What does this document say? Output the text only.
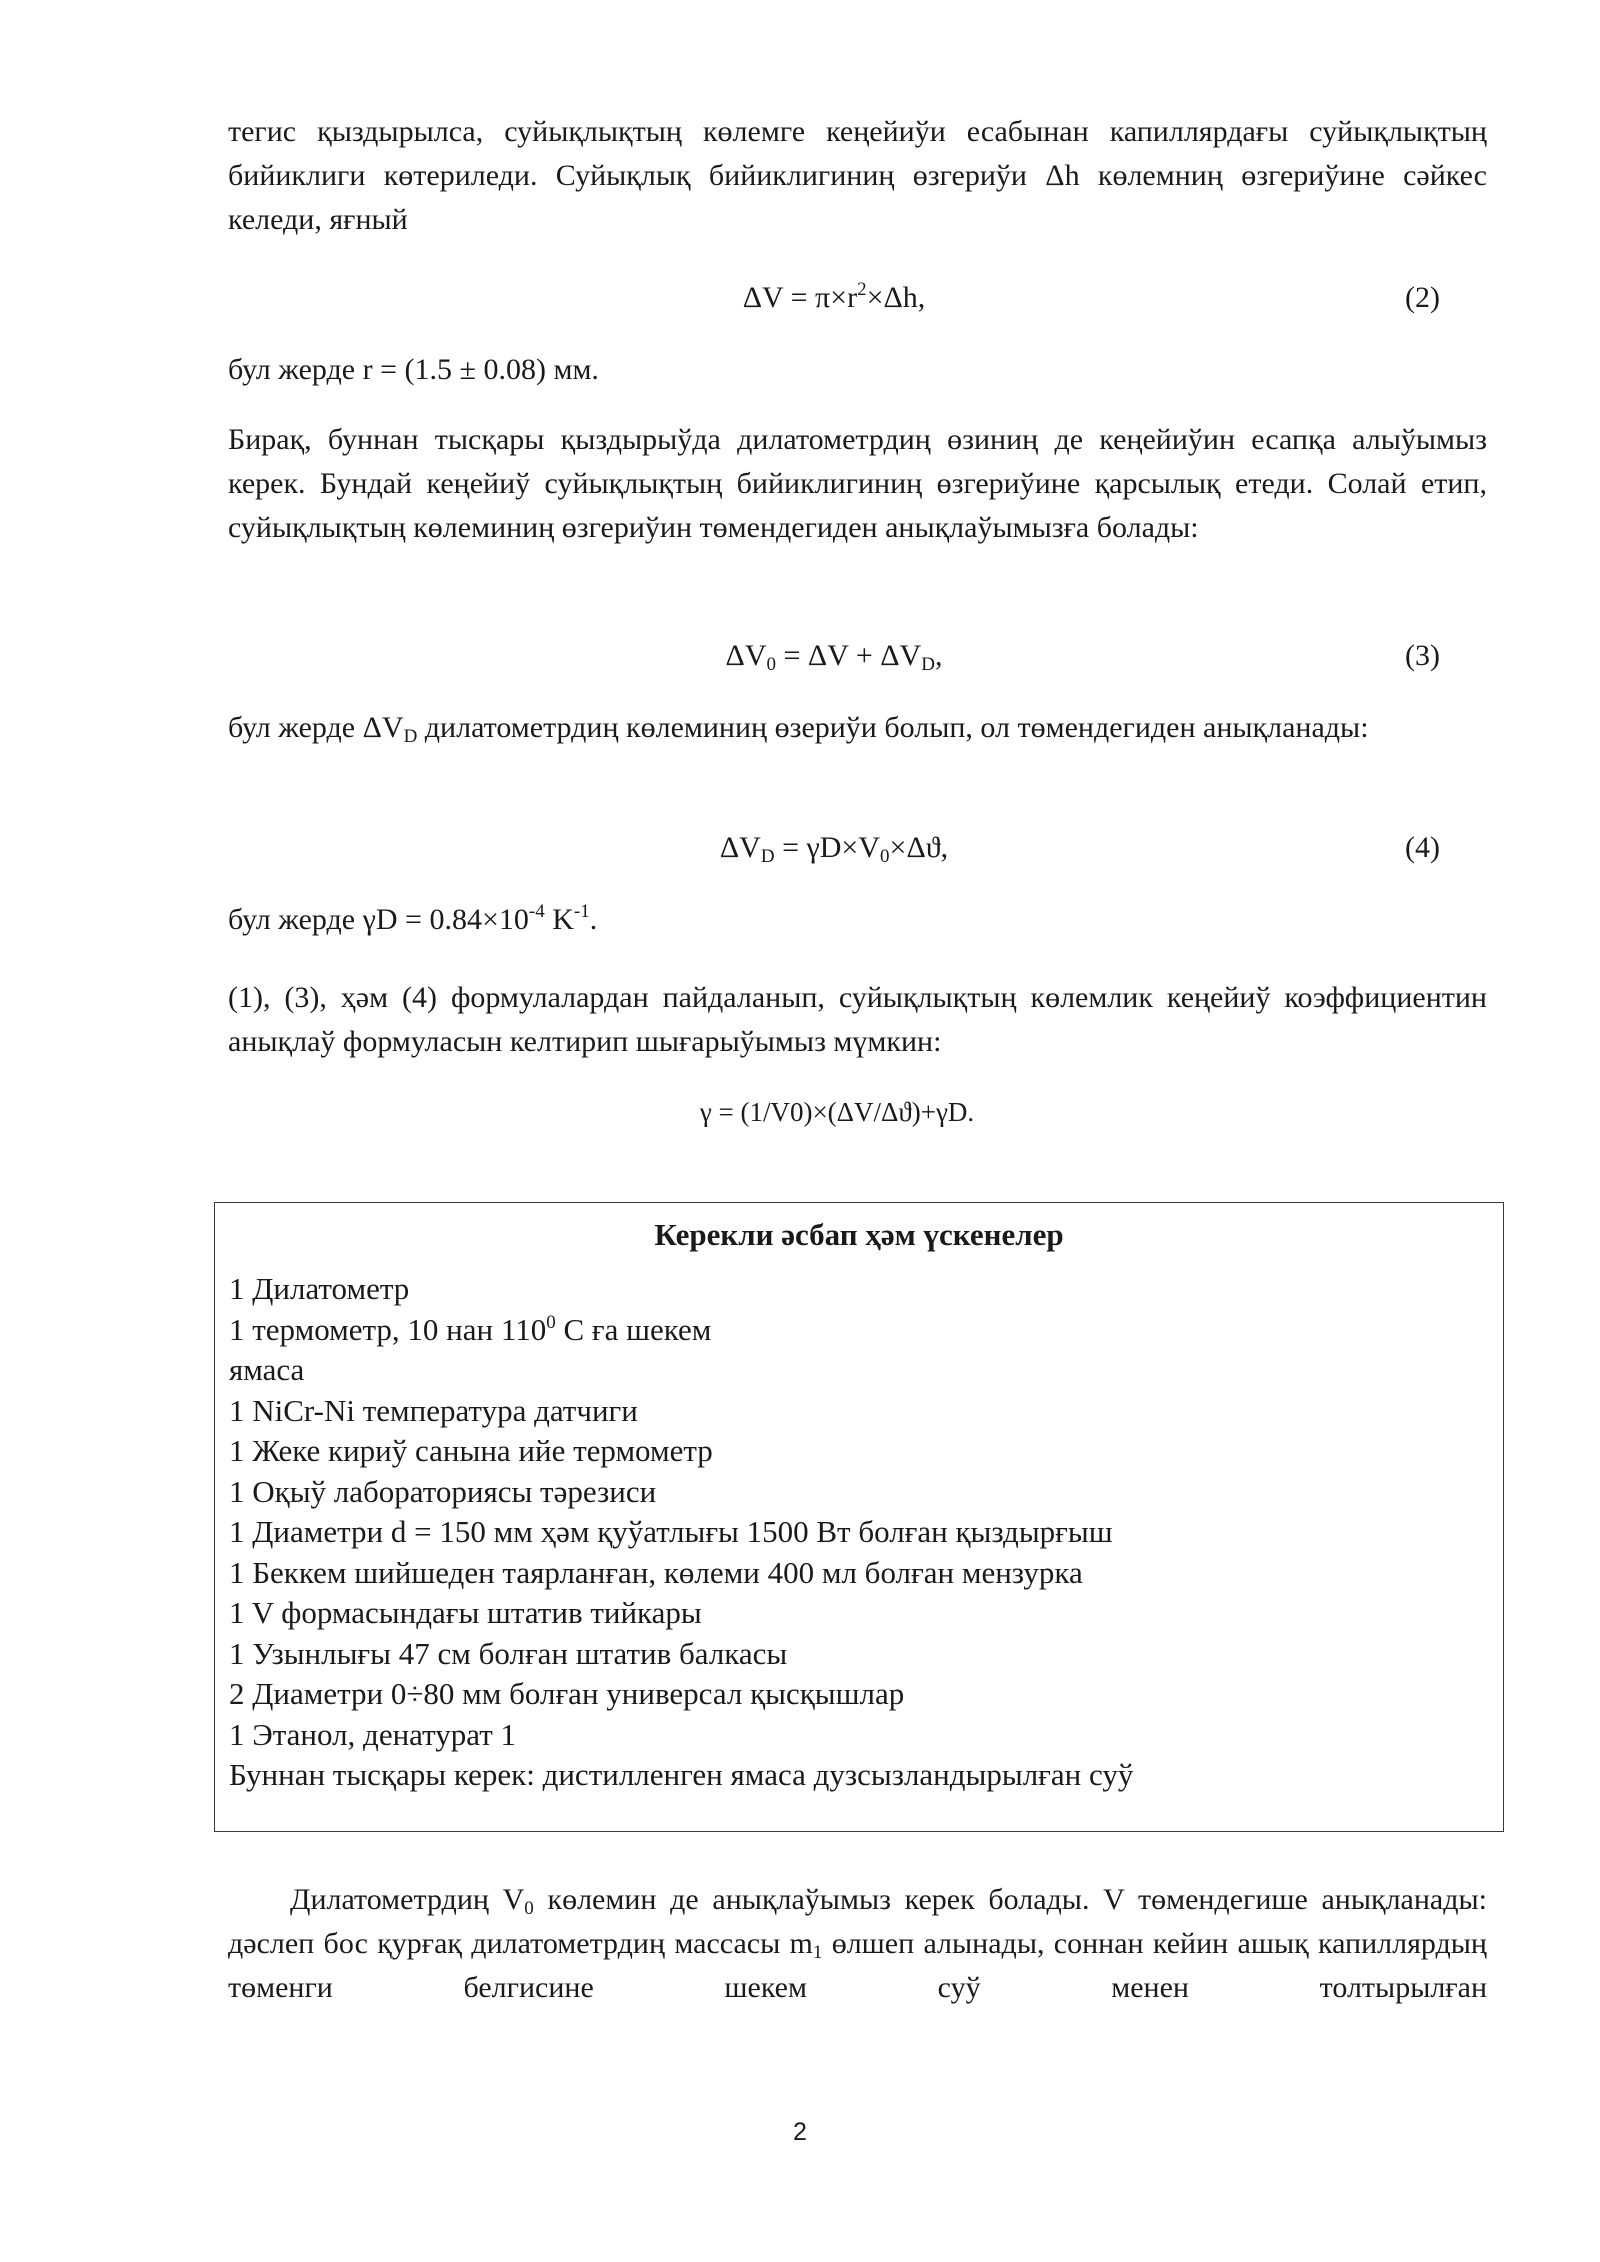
тегис қыздырылса, суйықлықтың көлемге кеңейиўи есабынан капиллярдағы суйықлықтың бийиклиги көтериледи. Суйықлық бийиклигиниң өзгериўи Δh көлемниң өзгериўине сәйкес келеди, яғный

$\Delta V = \pi\times r^2\times\Delta h$,	(2)

бул жерде r = (1.5 ± 0.08) мм.

Бирақ, буннан тысқары қыздырыўда дилатометрдиң өзиниң де кеңейиўин есапқа алыўымыз керек. Бундай кеңейиў суйықлықтың бийиклигиниң өзгериўине қарсылық етеди. Солай етип, суйықлықтың көлеминиң өзгериўин төмендегиден анықлаўымызға болады:

$\Delta V_0 = \Delta V + \Delta V_D$,	(3)

бул жерде $\Delta V_D$ дилатометрдиң көлеминиң өзериўи болып, ол төмендегиден анықланады:

$\Delta V_D = \gamma D\times V_0\times\Delta ϑ$,	(4)

бул жерде $\gamma D = 0.84\times 10^{-4}$ $K^{-1}$.

(1), (3), ҳәм (4) формулалардан пайдаланып, суйықлықтың көлемлик кеңейиў коэффициентин анықлаў формуласын келтирип шығарыўымыз мүмкин:

γ = (1/V0)×(ΔV/Δϑ)+γD.
Керекли әсбап ҳәм үскенелер
1 Дилатометр
1 термометр, 10 нан $110^0$ C ға шекем
ямаса
1 NiCr-Ni температура датчиги
1 Жеке кириў санына ийе термометр
1 Оқыў лабораториясы тәрезиси
1 Диаметри d = 150 мм ҳәм қуўатлығы 1500 Вт болған қыздырғыш
1 Беккем шийшеден таярланған, көлеми 400 мл болған мензурка
1 V формасындағы штатив тийкары
1 Узынлығы 47 см болған штатив балкасы
2 Диаметри 0÷80 мм болған универсал қысқышлар
1 Этанол, денатурат 1
Буннан тысқары керек: дистилленген ямаса дузсызландырылған суў

Дилатометрдиң $V_0$ көлемин де анықлаўымыз керек болады. V төмендегише анықланады: дәслеп бос қурғақ дилатометрдиң массасы $m_1$ өлшеп алынады, соннан кейин ашық капиллярдың төменги белгисине шекем суў менен толтырылған

2
